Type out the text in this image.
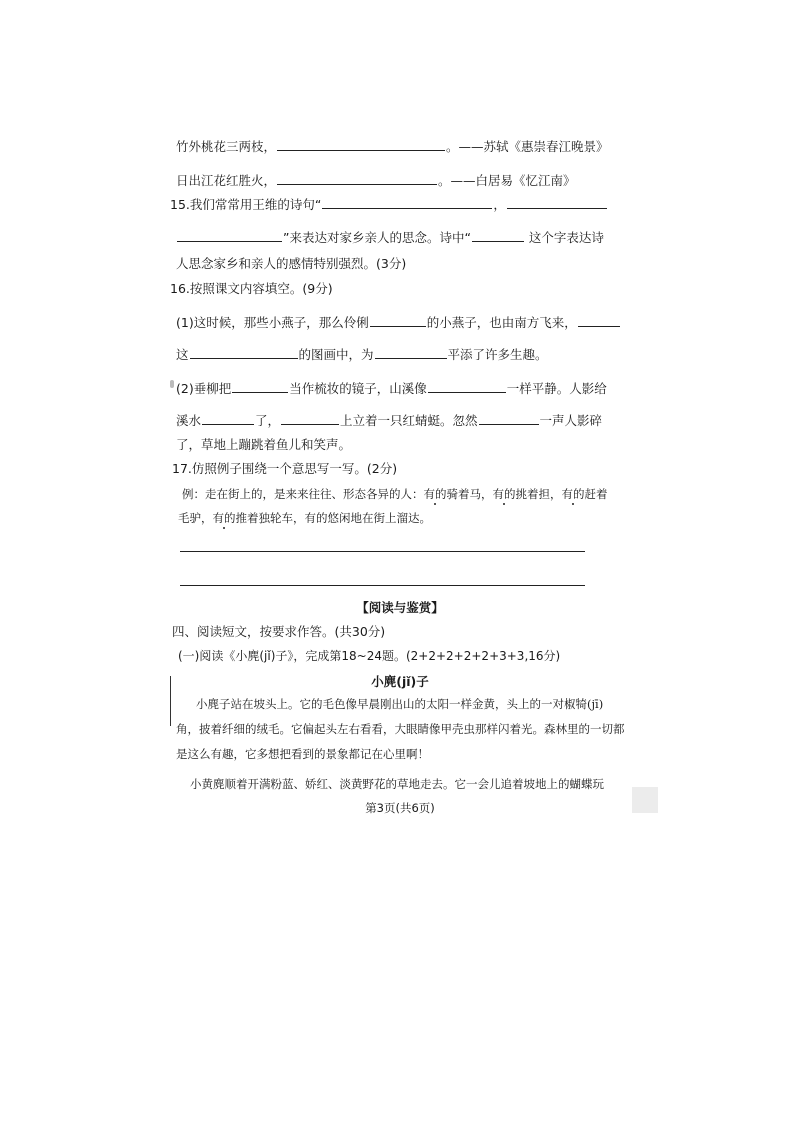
竹外桃花三两枝，	。——苏轼《惠崇春江晚景》
日出江花红胜火，	。——白居易《忆江南》
15.我们常常用王维的诗句“	，
”来表达对家乡亲人的思念。诗中“	这个字表达诗
人思念家乡和亲人的感情特别强烈。(3分)
16.按照课文内容填空。(9分)
(1)这时候，那些小燕子，那么伶俐	的小燕子，也由南方飞来，
这	的图画中，为	平添了许多生趣。
(2)垂柳把	当作梳妆的镜子，山溪像	一样平静。人影给
溪水	了，	上立着一只红蜻蜓。忽然	一声人影碎
了，草地上蹦跳着鱼儿和笑声。
17.仿照例子围绕一个意思写一写。(2分)
例：走在街上的，是来来往往、形态各异的人：有的骑着马，有的挑着担，有的赶着
毛驴，有的推着独轮车，有的悠闲地在街上溜达。
【阅读与鉴赏】
四、阅读短文，按要求作答。(共30分)
(一)阅读《小麂(jǐ)子》，完成第18~24题。(2+2+2+2+2+3+3,16分)
小麂(jǐ)子
小麂子站在坡头上。它的毛色像早晨刚出山的太阳一样金黄，头上的一对椒犄(jī)
角，披着纤细的绒毛。它偏起头左右看看，大眼睛像甲壳虫那样闪着光。森林里的一切都
是这么有趣，它多想把看到的景象都记在心里啊！
小黄麂顺着开满粉蓝、娇红、淡黄野花的草地走去。它一会儿追着坡地上的蝴蝶玩
第3页(共6页)
